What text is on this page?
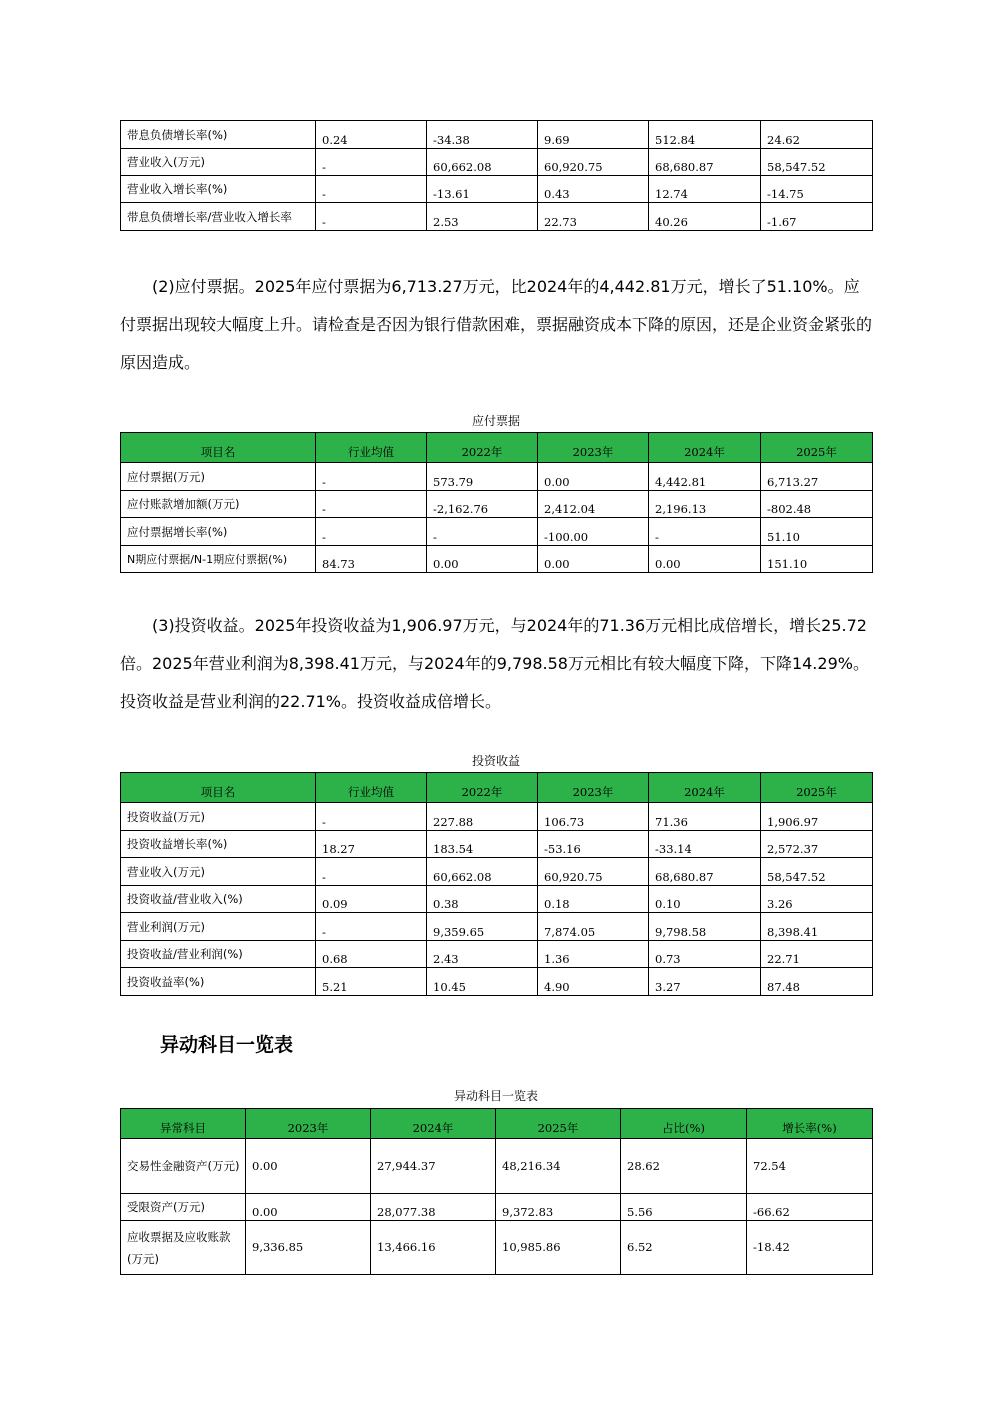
带息负债增长率(%)	0.24	-34.38	9.69	512.84	24.62
营业收入(万元)	-	60,662.08	60,920.75	68,680.87	58,547.52
营业收入增长率(%)	-	-13.61	0.43	12.74	-14.75
带息负债增长率/营业收入增长率	-	2.53	22.73	40.26	-1.67

(2)应付票据。2025年应付票据为6,713.27万元，比2024年的4,442.81万元，增长了51.10%。应付票据出现较大幅度上升。请检查是否因为银行借款困难，票据融资成本下降的原因，还是企业资金紧张的原因造成。

应付票据
项目名	行业均值	2022年	2023年	2024年	2025年
应付票据(万元)	-	573.79	0.00	4,442.81	6,713.27
应付账款增加额(万元)	-	-2,162.76	2,412.04	2,196.13	-802.48
应付票据增长率(%)	-	-	-100.00	-	51.10
N期应付票据/N-1期应付票据(%)	84.73	0.00	0.00	0.00	151.10

(3)投资收益。2025年投资收益为1,906.97万元，与2024年的71.36万元相比成倍增长，增长25.72倍。2025年营业利润为8,398.41万元，与2024年的9,798.58万元相比有较大幅度下降，下降14.29%。投资收益是营业利润的22.71%。投资收益成倍增长。

投资收益
项目名	行业均值	2022年	2023年	2024年	2025年
投资收益(万元)	-	227.88	106.73	71.36	1,906.97
投资收益增长率(%)	18.27	183.54	-53.16	-33.14	2,572.37
营业收入(万元)	-	60,662.08	60,920.75	68,680.87	58,547.52
投资收益/营业收入(%)	0.09	0.38	0.18	0.10	3.26
营业利润(万元)	-	9,359.65	7,874.05	9,798.58	8,398.41
投资收益/营业利润(%)	0.68	2.43	1.36	0.73	22.71
投资收益率(%)	5.21	10.45	4.90	3.27	87.48
异动科目一览表
异动科目一览表
异常科目	2023年	2024年	2025年	占比(%)	增长率(%)
交易性金融资产(万元)	0.00	27,944.37	48,216.34	28.62	72.54
受限资产(万元)	0.00	28,077.38	9,372.83	5.56	-66.62
应收票据及应收账款(万元)	9,336.85	13,466.16	10,985.86	6.52	-18.42
